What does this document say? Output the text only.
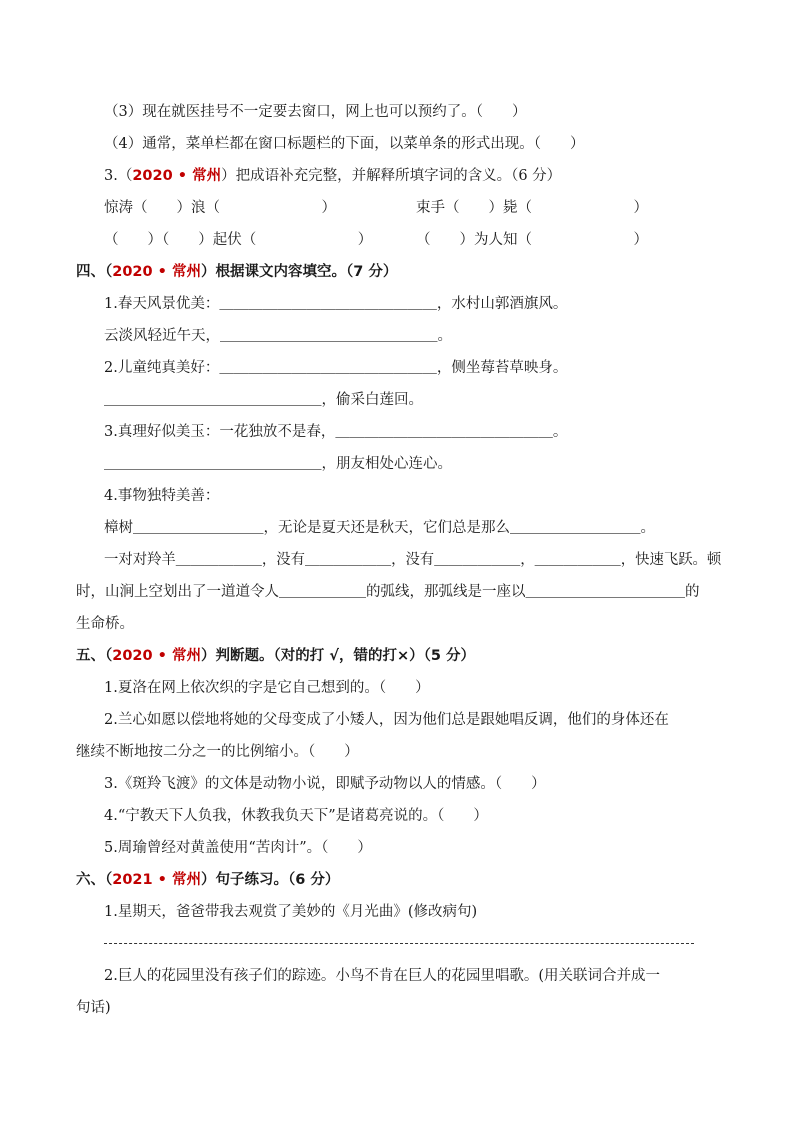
（3）现在就医挂号不一定要去窗口，网上也可以预约了。（　　）
（4）通常，菜单栏都在窗口标题栏的下面，以菜单条的形式出现。（　　）
3.（2020 • 常州）把成语补充完整，并解释所填字词的含义。（6 分）
惊涛（　　）浪（　　　　　　　）	束手（　　）毙（　　　　　　　）
（　　）（　　）起伏（　　　　　　　）	（　　）为人知（　　　　　　　）
四、（2020 • 常州）根据课文内容填空。（7 分）
1.春天风景优美：＿＿＿＿＿＿＿＿＿＿＿＿＿＿＿，水村山郭酒旗风。
云淡风轻近午天，＿＿＿＿＿＿＿＿＿＿＿＿＿＿＿。
2.儿童纯真美好：＿＿＿＿＿＿＿＿＿＿＿＿＿＿＿，侧坐莓苔草映身。
＿＿＿＿＿＿＿＿＿＿＿＿＿＿＿，偷采白莲回。
3.真理好似美玉：一花独放不是春，＿＿＿＿＿＿＿＿＿＿＿＿＿＿＿。
＿＿＿＿＿＿＿＿＿＿＿＿＿＿＿，朋友相处心连心。
4.事物独特美善：
樟树＿＿＿＿＿＿＿＿＿，无论是夏天还是秋天，它们总是那么＿＿＿＿＿＿＿＿＿。
一对对羚羊＿＿＿＿＿＿，没有＿＿＿＿＿＿，没有＿＿＿＿＿＿，＿＿＿＿＿＿，快速飞跃。顿
时，山涧上空划出了一道道令人＿＿＿＿＿＿的弧线，那弧线是一座以＿＿＿＿＿＿＿＿＿＿＿的
生命桥。
五、（2020 • 常州）判断题。（对的打 √，错的打×）（5 分）
1.夏洛在网上依次织的字是它自己想到的。（　　）
2.兰心如愿以偿地将她的父母变成了小矮人，因为他们总是跟她唱反调，他们的身体还在
继续不断地按二分之一的比例缩小。（　　）
3.《斑羚飞渡》的文体是动物小说，即赋予动物以人的情感。（　　）
4.“宁教天下人负我，休教我负天下”是诸葛亮说的。（　　）
5.周瑜曾经对黄盖使用“苦肉计”。（　　）
六、（2021 • 常州）句子练习。（6 分）
1.星期天，爸爸带我去观赏了美妙的《月光曲》(修改病句)
2.巨人的花园里没有孩子们的踪迹。小鸟不肯在巨人的花园里唱歌。(用关联词合并成一
句话)
